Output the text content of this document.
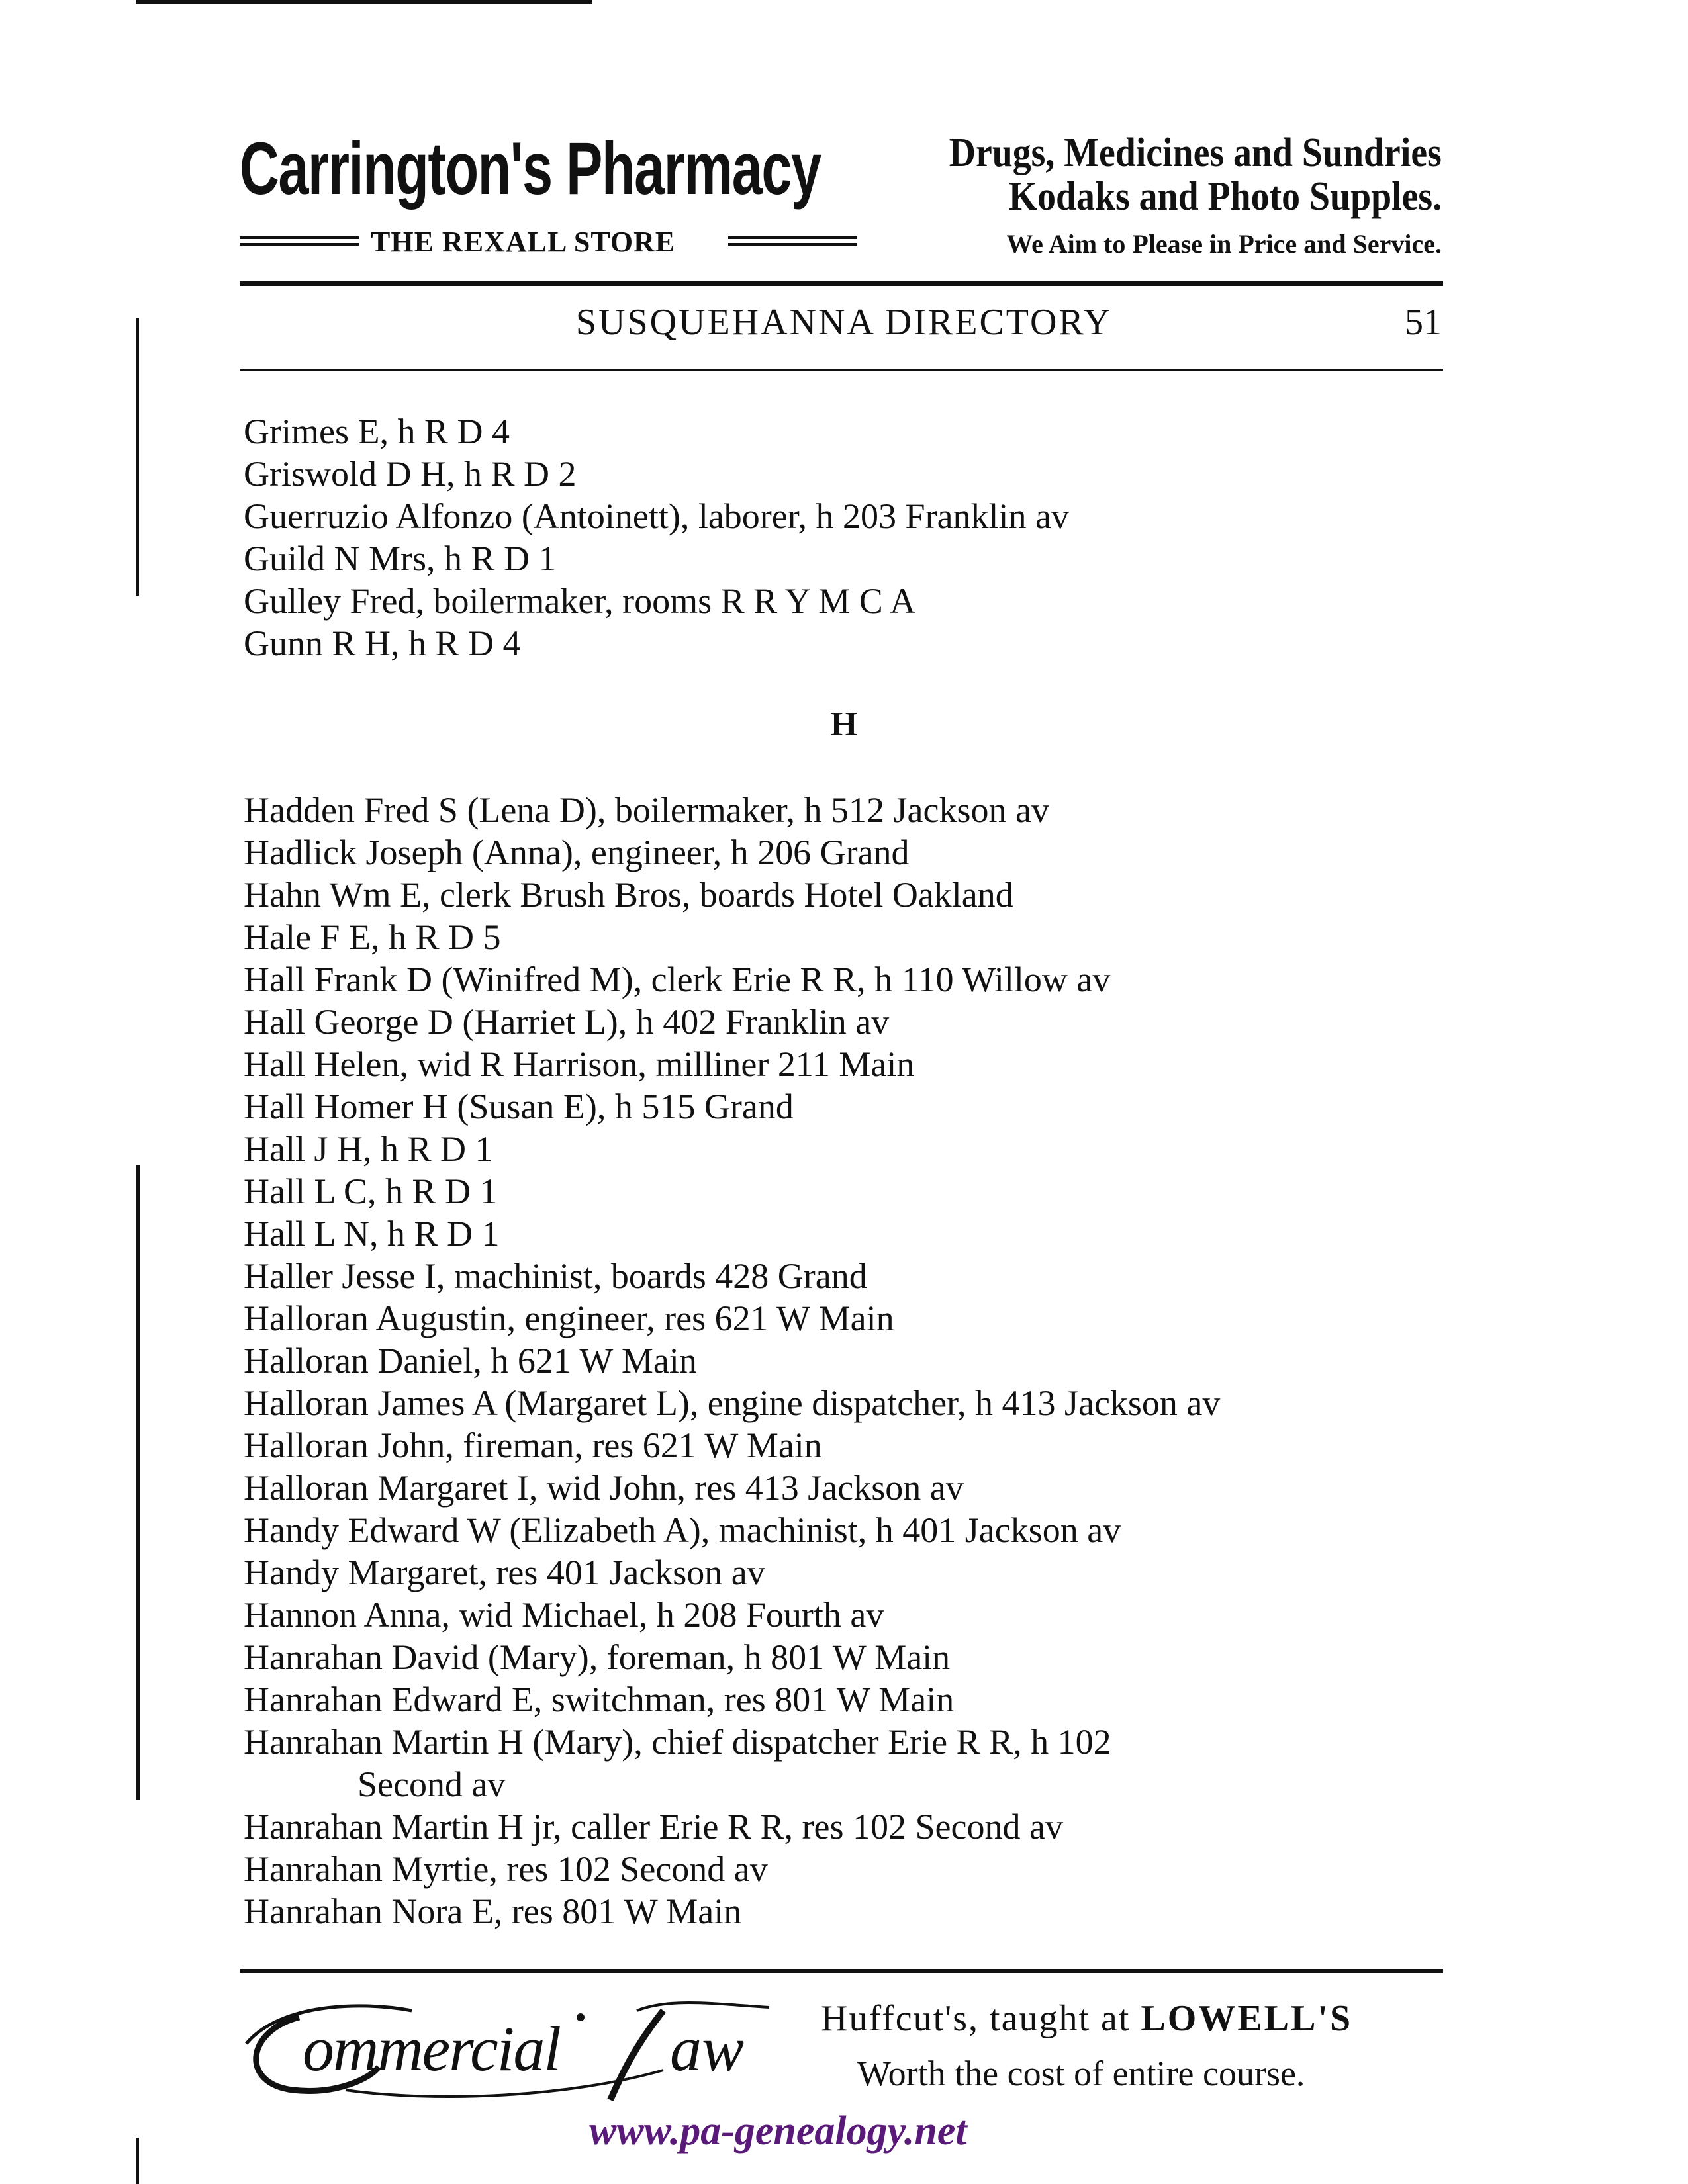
Carrington's Pharmacy	Drugs, Medicines and Sundries
Kodaks and Photo Supples.
THE REXALL STORE	We Aim to Please in Price and Service.
SUSQUEHANNA DIRECTORY	51
Grimes E, h R D 4
Griswold D H, h R D 2
Guerruzio Alfonzo (Antoinett), laborer, h 203 Franklin av
Guild N Mrs, h R D 1
Gulley Fred, boilermaker, rooms R R Y M C A
Gunn R H, h R D 4
H
Hadden Fred S (Lena D), boilermaker, h 512 Jackson av
Hadlick Joseph (Anna), engineer, h 206 Grand
Hahn Wm E, clerk Brush Bros, boards Hotel Oakland
Hale F E, h R D 5
Hall Frank D (Winifred M), clerk Erie R R, h 110 Willow av
Hall George D (Harriet L), h 402 Franklin av
Hall Helen, wid R Harrison, milliner 211 Main
Hall Homer H (Susan E), h 515 Grand
Hall J H, h R D 1
Hall L C, h R D 1
Hall L N, h R D 1
Haller Jesse I, machinist, boards 428 Grand
Halloran Augustin, engineer, res 621 W Main
Halloran Daniel, h 621 W Main
Halloran James A (Margaret L), engine dispatcher, h 413 Jackson av
Halloran John, fireman, res 621 W Main
Halloran Margaret I, wid John, res 413 Jackson av
Handy Edward W (Elizabeth A), machinist, h 401 Jackson av
Handy Margaret, res 401 Jackson av
Hannon Anna, wid Michael, h 208 Fourth av
Hanrahan David (Mary), foreman, h 801 W Main
Hanrahan Edward E, switchman, res 801 W Main
Hanrahan Martin H (Mary), chief dispatcher Erie R R, h 102
Second av
Hanrahan Martin H jr, caller Erie R R, res 102 Second av
Hanrahan Myrtie, res 102 Second av
Hanrahan Nora E, res 801 W Main
ommercial aw Huffcut's, taught at LOWELL'S
Worth the cost of entire course.
www.pa-genealogy.net
